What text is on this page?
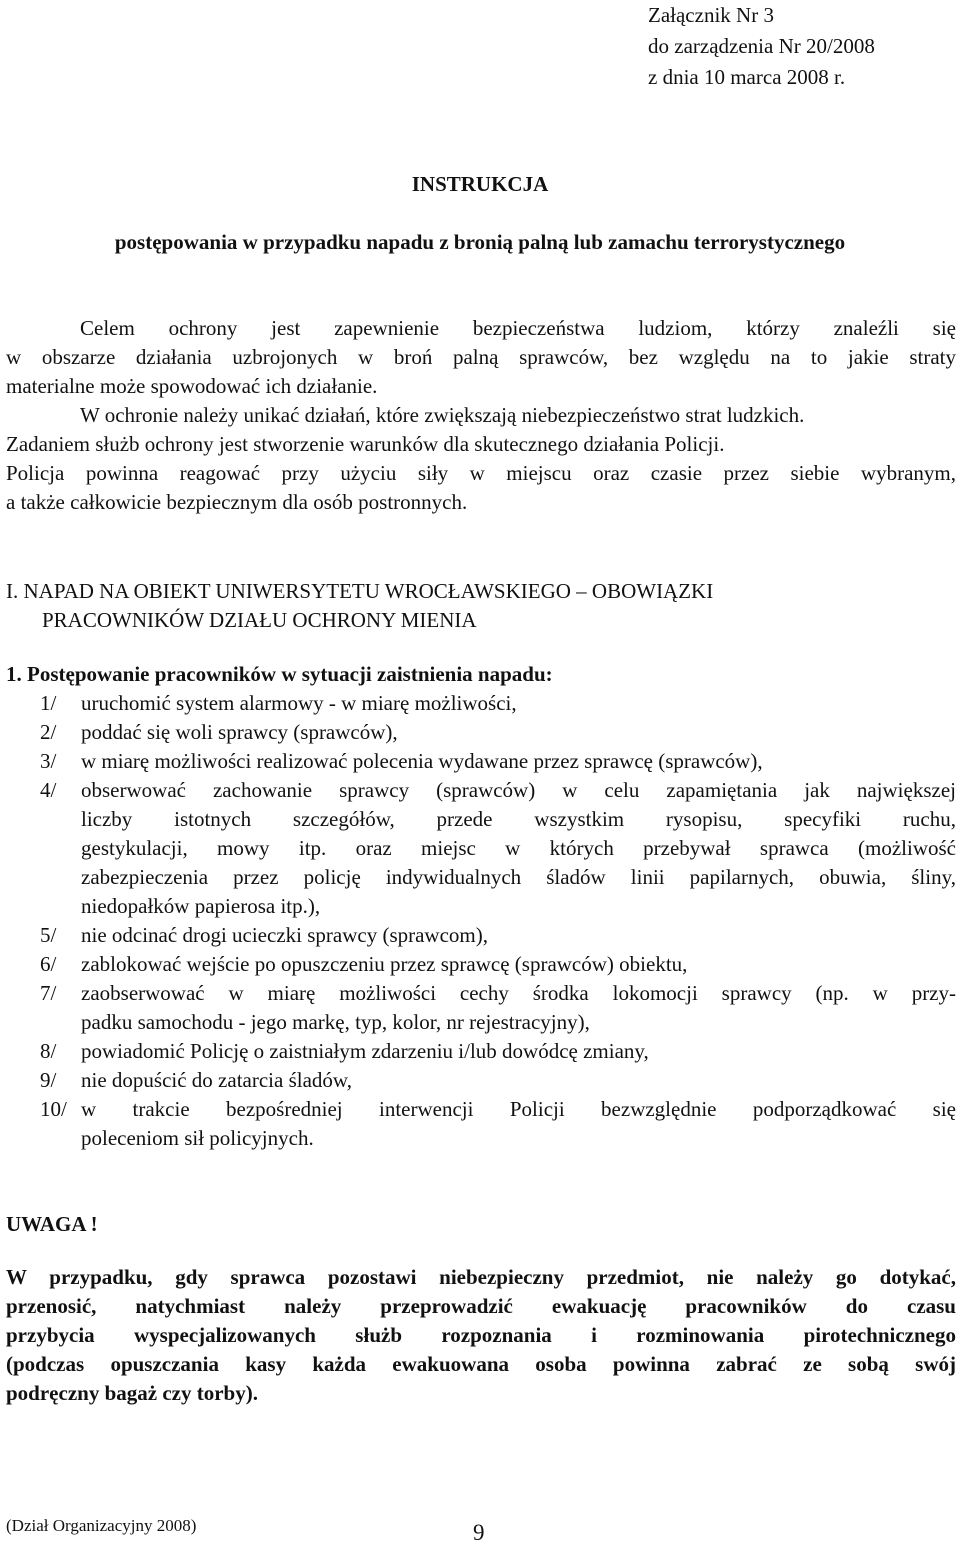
Załącznik Nr 3
do zarządzenia Nr 20/2008
z dnia 10 marca 2008 r.
INSTRUKCJA
postępowania w przypadku napadu z bronią palną lub zamachu terrorystycznego
Celem ochrony jest zapewnienie bezpieczeństwa ludziom, którzy znaleźli się
w obszarze działania uzbrojonych w broń palną sprawców, bez względu na to jakie straty
materialne może spowodować ich działanie.
W ochronie należy unikać działań, które zwiększają niebezpieczeństwo strat ludzkich.
Zadaniem służb ochrony jest stworzenie warunków dla skutecznego działania Policji.
Policja powinna reagować przy użyciu siły w miejscu oraz czasie przez siebie wybranym,
a także całkowicie bezpiecznym dla osób postronnych.
I. NAPAD NA OBIEKT UNIWERSYTETU WROCŁAWSKIEGO – OBOWIĄZKI
PRACOWNIKÓW DZIAŁU OCHRONY MIENIA
1. Postępowanie pracowników w sytuacji zaistnienia napadu:
1/	uruchomić system alarmowy - w miarę możliwości,
2/	poddać się woli sprawcy (sprawców),
3/	w miarę możliwości realizować polecenia wydawane przez sprawcę (sprawców),
4/	obserwować zachowanie sprawcy (sprawców) w celu zapamiętania jak największej
liczby istotnych szczegółów, przede wszystkim rysopisu, specyfiki ruchu,
gestykulacji, mowy itp. oraz miejsc w których przebywał sprawca (możliwość
zabezpieczenia przez policję indywidualnych śladów linii papilarnych, obuwia, śliny,
niedopałków papierosa itp.),
5/	nie odcinać drogi ucieczki sprawcy (sprawcom),
6/	zablokować wejście po opuszczeniu przez sprawcę (sprawców) obiektu,
7/	zaobserwować w miarę możliwości cechy środka lokomocji sprawcy (np. w przy-
padku samochodu - jego markę, typ, kolor, nr rejestracyjny),
8/	powiadomić Policję o zaistniałym zdarzeniu i/lub dowódcę zmiany,
9/	nie dopuścić do zatarcia śladów,
10/ w trakcie bezpośredniej interwencji Policji bezwzględnie podporządkować się
poleceniom sił policyjnych.
UWAGA !
W przypadku, gdy sprawca pozostawi niebezpieczny przedmiot, nie należy go dotykać,
przenosić, natychmiast należy przeprowadzić ewakuację pracowników do czasu
przybycia wyspecjalizowanych służb rozpoznania i rozminowania pirotechnicznego
(podczas opuszczania kasy każda ewakuowana osoba powinna zabrać ze sobą swój
podręczny bagaż czy torby).
(Dział Organizacyjny 2008)	9
